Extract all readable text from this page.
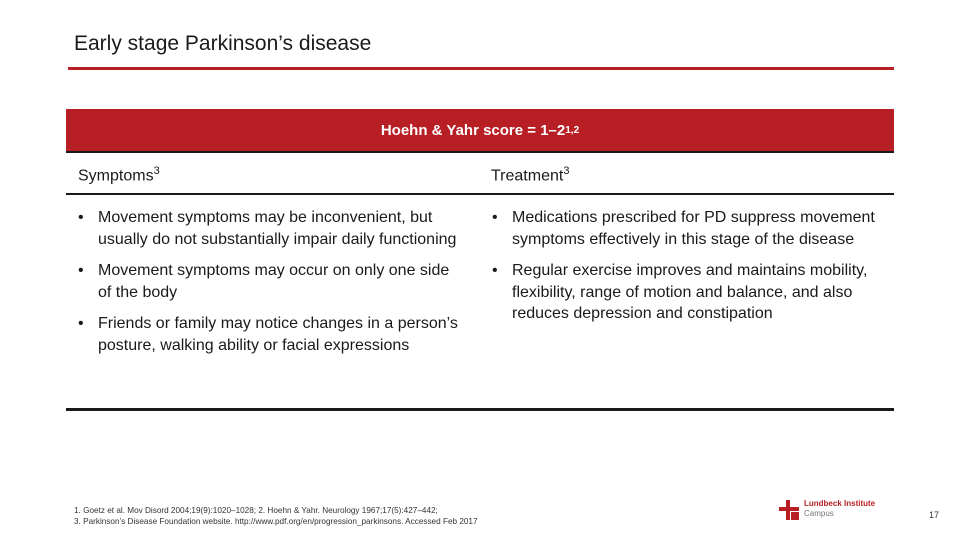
Early stage Parkinson’s disease
Hoehn & Yahr score = 1–2 1,2
Symptoms$^3$	Treatment$^3$
• Movement symptoms may be inconvenient, but usually do not substantially impair daily functioning
• Movement symptoms may occur on only one side of the body
• Friends or family may notice changes in a person’s posture, walking ability or facial expressions
• Medications prescribed for PD suppress movement symptoms effectively in this stage of the disease
• Regular exercise improves and maintains mobility, flexibility, range of motion and balance, and also reduces depression and constipation
1. Goetz et al. Mov Disord 2004;19(9):1020–1028; 2. Hoehn & Yahr. Neurology 1967;17(5):427–442;
3. Parkinson’s Disease Foundation website. http://www.pdf.org/en/progression_parkinsons. Accessed Feb 2017
Lundbeck Institute
Campus	17
